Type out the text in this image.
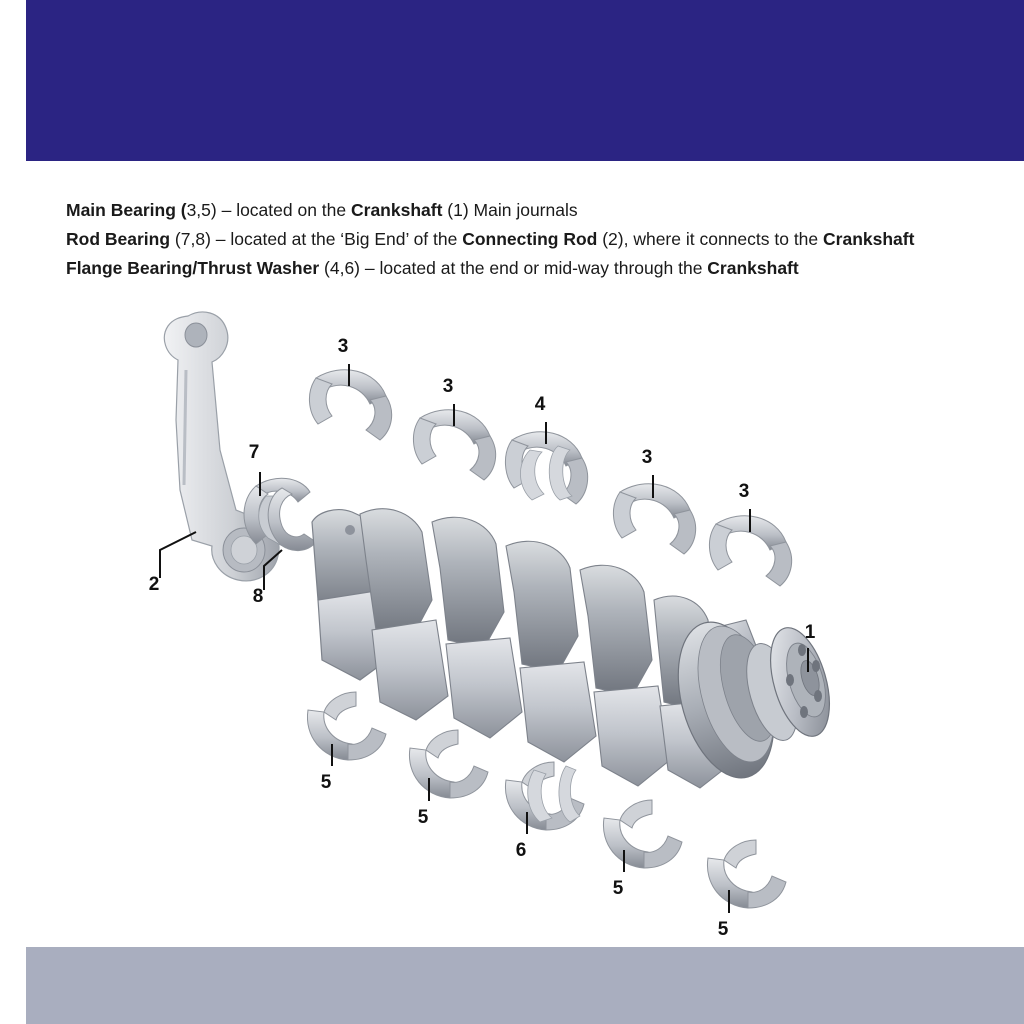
Main Bearing (3,5) – located on the Crankshaft (1) Main journals
Rod Bearing (7,8) – located at the ‘Big End’ of the Connecting Rod (2), where it connects to the Crankshaft
Flange Bearing/Thrust Washer (4,6) – located at the end or mid-way through the Crankshaft
2
7
8
3
3
4
3
3
1
5
5
6
5
5
